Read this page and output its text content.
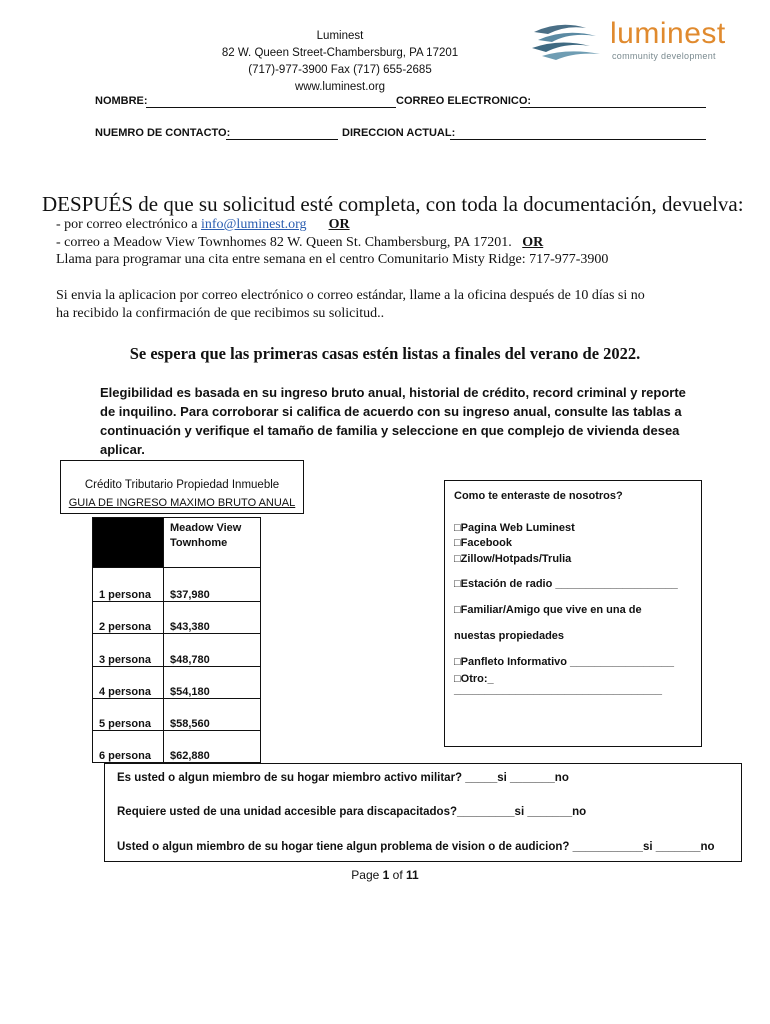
Luminest
82 W. Queen Street-Chambersburg, PA 17201
(717)-977-3900 Fax (717) 655-2685
www.luminest.org
luminest
community development
NOMBRE:	CORREO ELECTRONICO:
NUEMRO DE CONTACTO:	DIRECCION ACTUAL:
DESPUÉS de que su solicitud esté completa, con toda la documentación, devuelva:
- por correo electrónico a info@luminest.org OR
- correo a Meadow View Townhomes 82 W. Queen St. Chambersburg, PA 17201. OR
Llama para programar una cita entre semana en el centro Comunitario Misty Ridge: 717-977-3900
Si envia la aplicacion por correo electrónico o correo estándar, llame a la oficina después de 10 días si no
ha recibido la confirmación de que recibimos su solicitud..
Se espera que las primeras casas estén listas a finales del verano de 2022.
Elegibilidad es basada en su ingreso bruto anual, historial de crédito, record criminal y reporte de inquilino. Para corroborar si califica de acuerdo con su ingreso anual, consulte las tablas a continuación y verifique el tamaño de familia y seleccione en que complejo de vivienda desea aplicar.
Crédito Tributario Propiedad Inmueble
GUIA DE INGRESO MAXIMO BRUTO ANUAL
	Meadow View Townhome
1 persona	$37,980
2 persona	$43,380
3 persona	$48,780
4 persona	$54,180
5 persona	$58,560
6 persona	$62,880
Como te enteraste de nosotros?
□Pagina Web Luminest
□Facebook
□Zillow/Hotpads/Trulia
□Estación de radio ____________________
□Familiar/Amigo que vive en una de
nuestas propiedades
□Panfleto Informativo _________________
□Otro:_
__________________________________
Es usted o algun miembro de su hogar miembro activo militar? _____si _______no
Requiere usted de una unidad accesible para discapacitados?_________si _______no
Usted o algun miembro de su hogar tiene algun problema de vision o de audicion? ___________si _______no
Page 1 of 11
